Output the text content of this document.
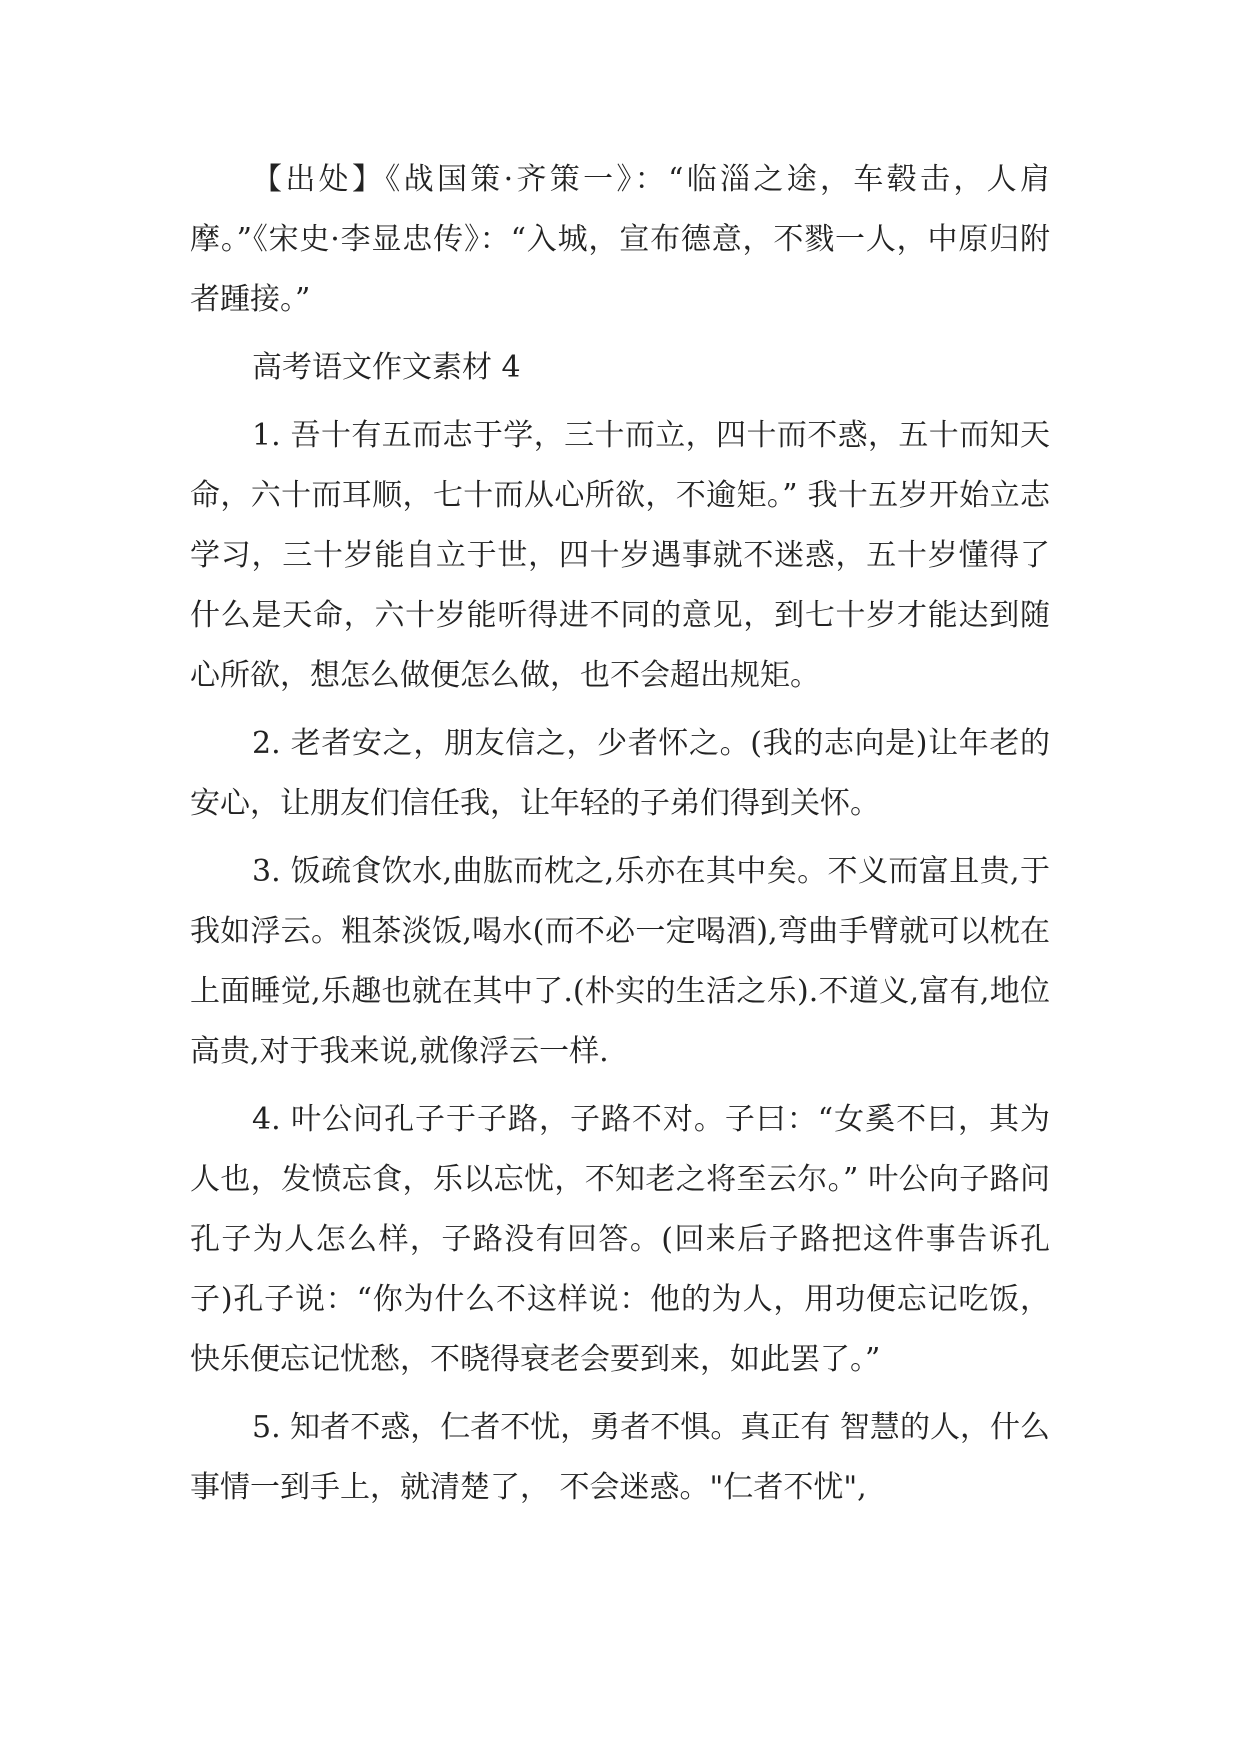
【出处】《战国策·齐策一》：“临淄之途，车毂击，人肩摩。”《宋史·李显忠传》：“入城，宣布德意，不戮一人，中原归附者踵接。”

高考语文作文素材 4

1. 吾十有五而志于学，三十而立，四十而不惑，五十而知天命，六十而耳顺，七十而从心所欲，不逾矩。” 我十五岁开始立志学习，三十岁能自立于世，四十岁遇事就不迷惑，五十岁懂得了什么是天命，六十岁能听得进不同的意见，到七十岁才能达到随心所欲，想怎么做便怎么做，也不会超出规矩。

2. 老者安之，朋友信之，少者怀之。(我的志向是)让年老的安心，让朋友们信任我，让年轻的子弟们得到关怀。

3. 饭疏食饮水,曲肱而枕之,乐亦在其中矣。不义而富且贵,于我如浮云。粗茶淡饭,喝水(而不必一定喝酒),弯曲手臂就可以枕在上面睡觉,乐趣也就在其中了.(朴实的生活之乐).不道义,富有,地位高贵,对于我来说,就像浮云一样.

4. 叶公问孔子于子路，子路不对。子曰：“女奚不曰，其为人也，发愤忘食，乐以忘忧，不知老之将至云尔。” 叶公向子路问孔子为人怎么样，子路没有回答。(回来后子路把这件事告诉孔子)孔子说：“你为什么不这样说：他的为人，用功便忘记吃饭，快乐便忘记忧愁，不晓得衰老会要到来，如此罢了。”

5. 知者不惑，仁者不忧，勇者不惧。真正有 智慧的人，什么事情一到手上，就清楚了， 不会迷惑。"仁者不忧",
